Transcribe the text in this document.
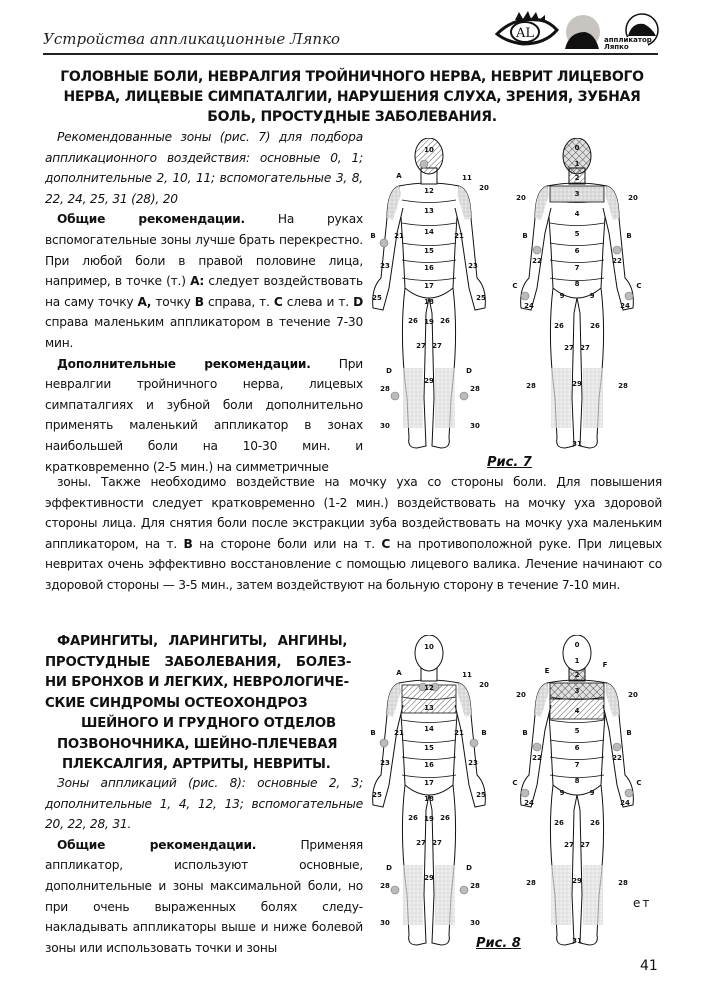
Устройства аппликационные Ляпко	AL	аппликатор Ляпко
ГОЛОВНЫЕ БОЛИ, НЕВРАЛГИЯ ТРОЙНИЧНОГО НЕРВА, НЕВРИТ ЛИЦЕВОГО НЕРВА, ЛИЦЕВЫЕ СИМПАТАЛГИИ, НАРУШЕНИЯ СЛУХА, ЗРЕНИЯ, ЗУБНАЯ БОЛЬ, ПРОСТУДНЫЕ ЗАБОЛЕВАНИЯ.

Рекомендованные зоны (рис. 7) для подбора аппликационного воздействия: основные 0, 1; дополнительные 2, 10, 11; вспомогательные 3, 8, 22, 24, 25, 31 (28), 20

Общие рекомендации. На руках вспомогательные зоны лучше брать перекрестно. При любой боли в правой половине лица, например, в точке (т.) А: следует воздействовать на саму точку А, точку В справа, т. С слева и т. D справа маленьким аппликатором в течение 7-30 мин.

Дополнительные рекомендации. При невралгии тройничного нерва, лицевых симпаталгиях и зубной боли дополнительно применять маленький аппликатор в зонах наибольшей боли на 10-30 мин. и кратковременно (2-5 мин.) на симметричные	Рис. 7

зоны. Также необходимо воздействие на мочку уха со стороны боли. Для повышения эффективности следует кратковременно (1-2 мин.) воздействовать на мочку уха здоровой стороны лица. Для снятия боли после экстракции зуба воздействовать на мочку уха маленьким аппликатором, на т. В на стороне боли или на т. С на противоположной руке. При лицевых невритах очень эффективно восстановление с помощью лицевого валика. Лечение начинают со здоровой стороны — 3-5 мин., затем воздействуют на больную сторону в течение 7-10 мин.

ФАРИНГИТЫ, ЛАРИНГИТЫ, АНГИНЫ,
ПРОСТУДНЫЕ ЗАБОЛЕВАНИЯ, БОЛЕЗ-
НИ БРОНХОВ И ЛЕГКИХ, НЕВРОЛОГИЧЕ-
СКИЕ СИНДРОМЫ ОСТЕОХОНДРОЗ
ШЕЙНОГО И ГРУДНОГО ОТДЕЛОВ
ПОЗВОНОЧНИКА, ШЕЙНО-ПЛЕЧЕВАЯ
ПЛЕКСАЛГИЯ, АРТРИТЫ, НЕВРИТЫ.

Зоны аппликаций (рис. 8): основные 2, 3; дополнительные 1, 4, 12, 13; вспомогательные 20, 22, 28, 31.

Общие рекомендации. Применяя аппликатор, используют основные, дополнительные и зоны максимальной боли, но при очень выраженных болях следу- накладывать аппликаторы выше и ниже болевой зоны или использовать точки и зоны	Рис. 8
ет
41
10
11
12
13
14
15
16
17
18
19
20
21	21
23	23
25	25
26	26
27 27
28	28
29
30	30
A
B
D	D
0
1
2
3
4
5
6
7
8
9	9
20	20
22	22
24	24
26	26
27 27
28	28
29
31
B	B
C	C
10
11
12
13
14
15
16
17
18
19
20
21	21
23	23
25	25
26	26
27 27
28	28
29
30	30
A
B
D	D
B
0
1
2
3
4
5
6
7
8
9	9
20	20
22	22
24	24
26	26
27 27
28	28
29
31
B	B
C	C
E
F
